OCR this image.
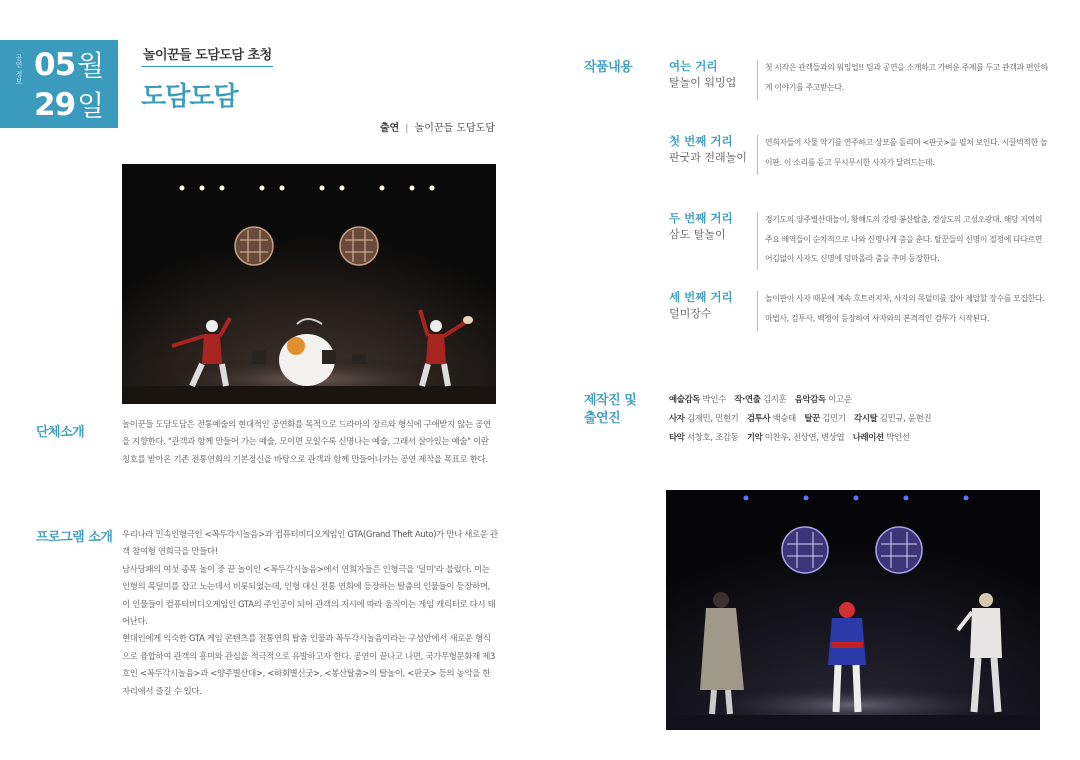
공연 정보 05월
29일
놀이꾼들 도담도담 초청
도담도담
출연 | 놀이꾼들 도담도담
단체소개

놀이꾼들 도담도담은 전통예술의 현대적인 공연화를 목적으로 드라마의 장르와 형식에 구애받지 않는 공연을 지향한다. "관객과 함께 만들어 가는 예술, 모이면 모일수록 신명나는 예술, 그래서 살아있는 예술" 이란 칭호를 받아온 기존 전통연희의 기본정신을 바탕으로 관객과 함께 만들어나가는 공연 제작을 목표로 한다.

프로그램 소개 우리나라 민속인형극인 <꼭두각시놀음>과 컴퓨터비디오게임인 GTA(Grand Theft Auto)가 만나 새로운 관객 참여형 연희극을 만들다!

남사당패의 여섯 종목 놀이 중 끝 놀이인 <꼭두각시놀음>에서 연희자들은 인형극을 '덜미'라 불렀다. 이는 인형의 목덜미를 잡고 노는데서 비롯되었는데, 인형 대신 전통 연희에 등장하는 탈춤의 인물들이 등장하며, 이 인물들이 컴퓨터비디오게임인 GTA의 주인공이 되어 관객의 지시에 따라 움직이는 게임 캐릭터로 다시 태어난다.

현대인에게 익숙한 GTA 게임 콘텐츠를 전통연희 탈춤 인물과 꼭두각시놀음이라는 구성안에서 새로운 형식으로 융합하여 관객의 흥미와 관심을 적극적으로 유발하고자 한다. 공연이 끝나고 나면, 국가무형문화재 제3호인 <꼭두각시놀음>과 <양주별산대>, <하회별신굿>, <봉산탈춤>의 탈놀이, <판굿> 등의 농악을 한 자리에서 즐길 수 있다.

작품내용	여는 거리
탈놀이 워밍업
첫 시작은 관객들과의 워밍업!! 팀과 공연을 소개하고 가벼운 주제를 두고 관객과 편안하게 이야기를 주고받는다.
첫 번째 거리
판굿과 전래놀이
연희자들이 사물 악기를 연주하고 상모를 돌리며 <판굿>을 펼쳐 보인다. 시끌벅적한 놀이판. 이 소리를 듣고 무시무시한 사자가 달려드는데.
두 번째 거리
삼도 탈놀이
경기도의 양주별산대놀이, 황해도의 강령·봉산탈춤, 경상도의 고성오광대. 해당 지역의 주요 배역들이 순차적으로 나와 신명나게 춤을 춘다. 탈꾼들의 신명이 절정에 다다르면 어김없이 사자도 신명에 덩마올라 춤을 추며 등장한다.
세 번째 거리
덜미장수
놀이판이 사자 때문에 계속 흐트러지자, 사자의 목덜미를 잡아 제압할 장수를 모집한다. 마법사, 검투사, 백정이 등장하여 사자와의 본격적인 검투가 시작된다.
제작진 및
출연진
예술감독 박인수 작·연출 김지훈 음악감독 이고운
사자 김재민, 민현기 검투사 백승태 탈꾼 김민기 각시탈 김민규, 윤현진
타악 서창호, 조감동 기악 이찬우, 전상연, 변상엽 나레이션 박인선
